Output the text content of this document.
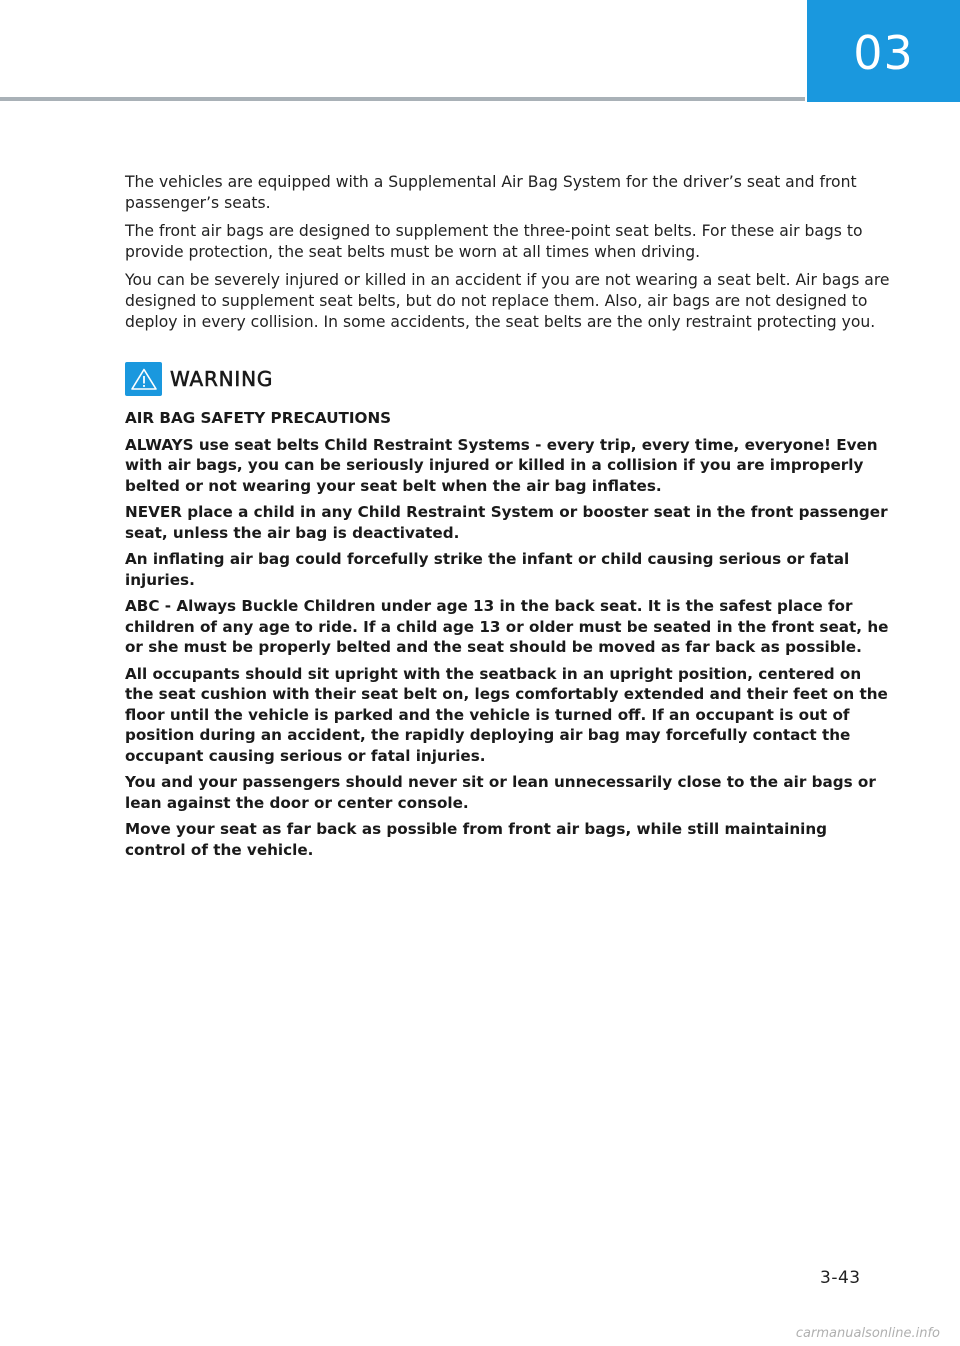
03

The vehicles are equipped with a Supplemental Air Bag System for the driver’s seat and front passenger’s seats.

The front air bags are designed to supplement the three-point seat belts. For these air bags to provide protection, the seat belts must be worn at all times when driving.

You can be severely injured or killed in an accident if you are not wearing a seat belt. Air bags are designed to supplement seat belts, but do not replace them. Also, air bags are not designed to deploy in every collision. In some accidents, the seat belts are the only restraint protecting you.

WARNING

AIR BAG SAFETY PRECAUTIONS

ALWAYS use seat belts Child Restraint Systems - every trip, every time, everyone! Even with air bags, you can be seriously injured or killed in a collision if you are improperly belted or not wearing your seat belt when the air bag inflates.

NEVER place a child in any Child Restraint System or booster seat in the front passenger seat, unless the air bag is deactivated.

An inflating air bag could forcefully strike the infant or child causing serious or fatal injuries.

ABC - Always Buckle Children under age 13 in the back seat. It is the safest place for children of any age to ride. If a child age 13 or older must be seated in the front seat, he or she must be properly belted and the seat should be moved as far back as possible.

All occupants should sit upright with the seatback in an upright position, centered on the seat cushion with their seat belt on, legs comfortably extended and their feet on the floor until the vehicle is parked and the vehicle is turned off. If an occupant is out of position during an accident, the rapidly deploying air bag may forcefully contact the occupant causing serious or fatal injuries.

You and your passengers should never sit or lean unnecessarily close to the air bags or lean against the door or center console.

Move your seat as far back as possible from front air bags, while still maintaining control of the vehicle.

3-43
carmanualsonline.info
